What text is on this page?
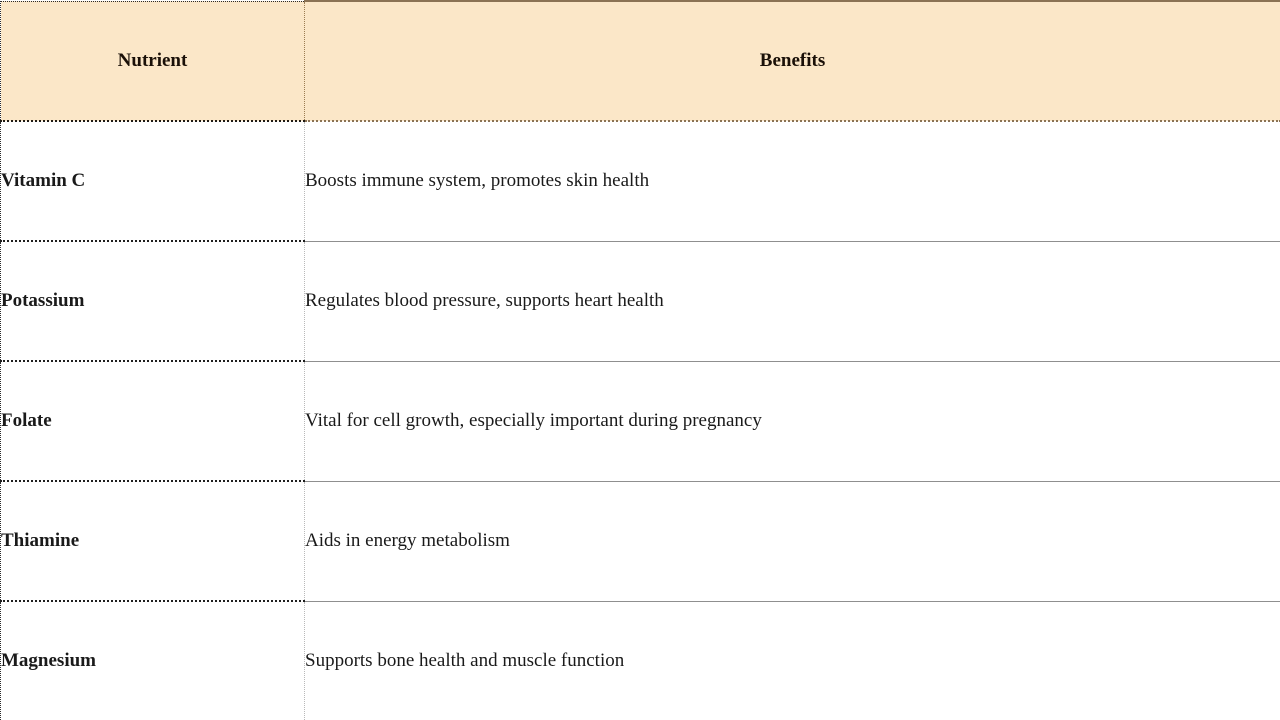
Nutrient	Benefits
Vitamin C	Boosts immune system, promotes skin health
Potassium	Regulates blood pressure, supports heart health
Folate	Vital for cell growth, especially important during pregnancy
Thiamine	Aids in energy metabolism
Magnesium	Supports bone health and muscle function
